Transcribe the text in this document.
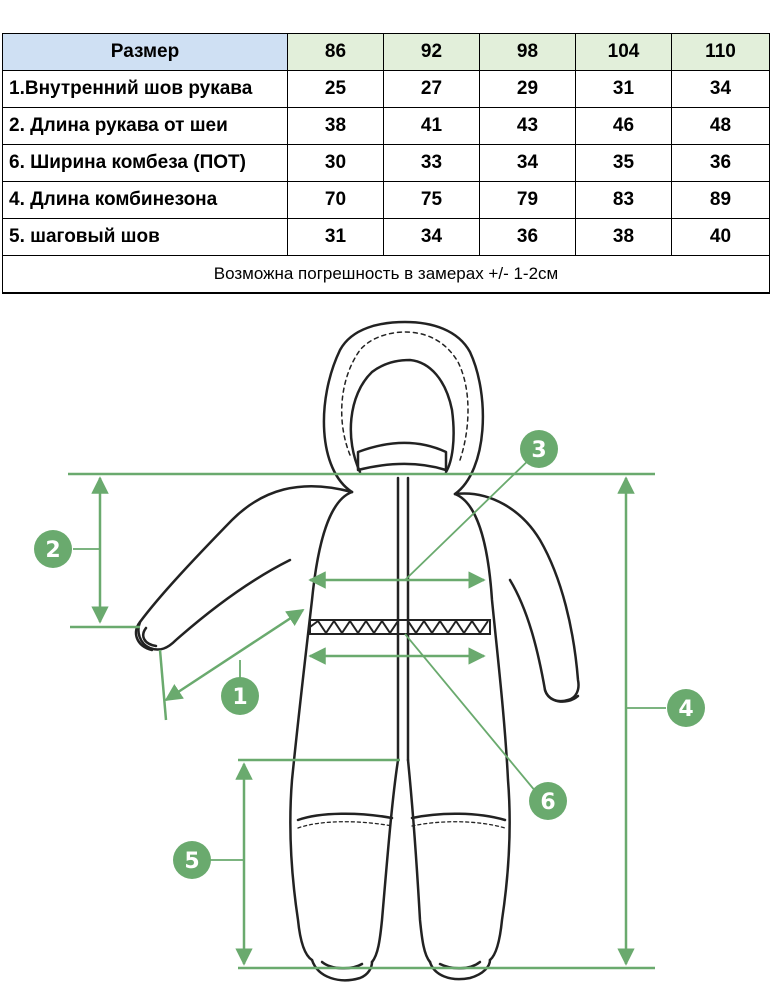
Размер	86	92	98	104	110
1.Внутренний шов рукава	25	27	29	31	34
2. Длина рукава от шеи	38	41	43	46	48
6. Ширина комбеза (ПОТ)	30	33	34	35	36
4. Длина комбинезона	70	75	79	83	89
5. шаговый шов	31	34	36	38	40
Возможна погрешность в замерах +/- 1-2см					
1
2
3
4
5
6
